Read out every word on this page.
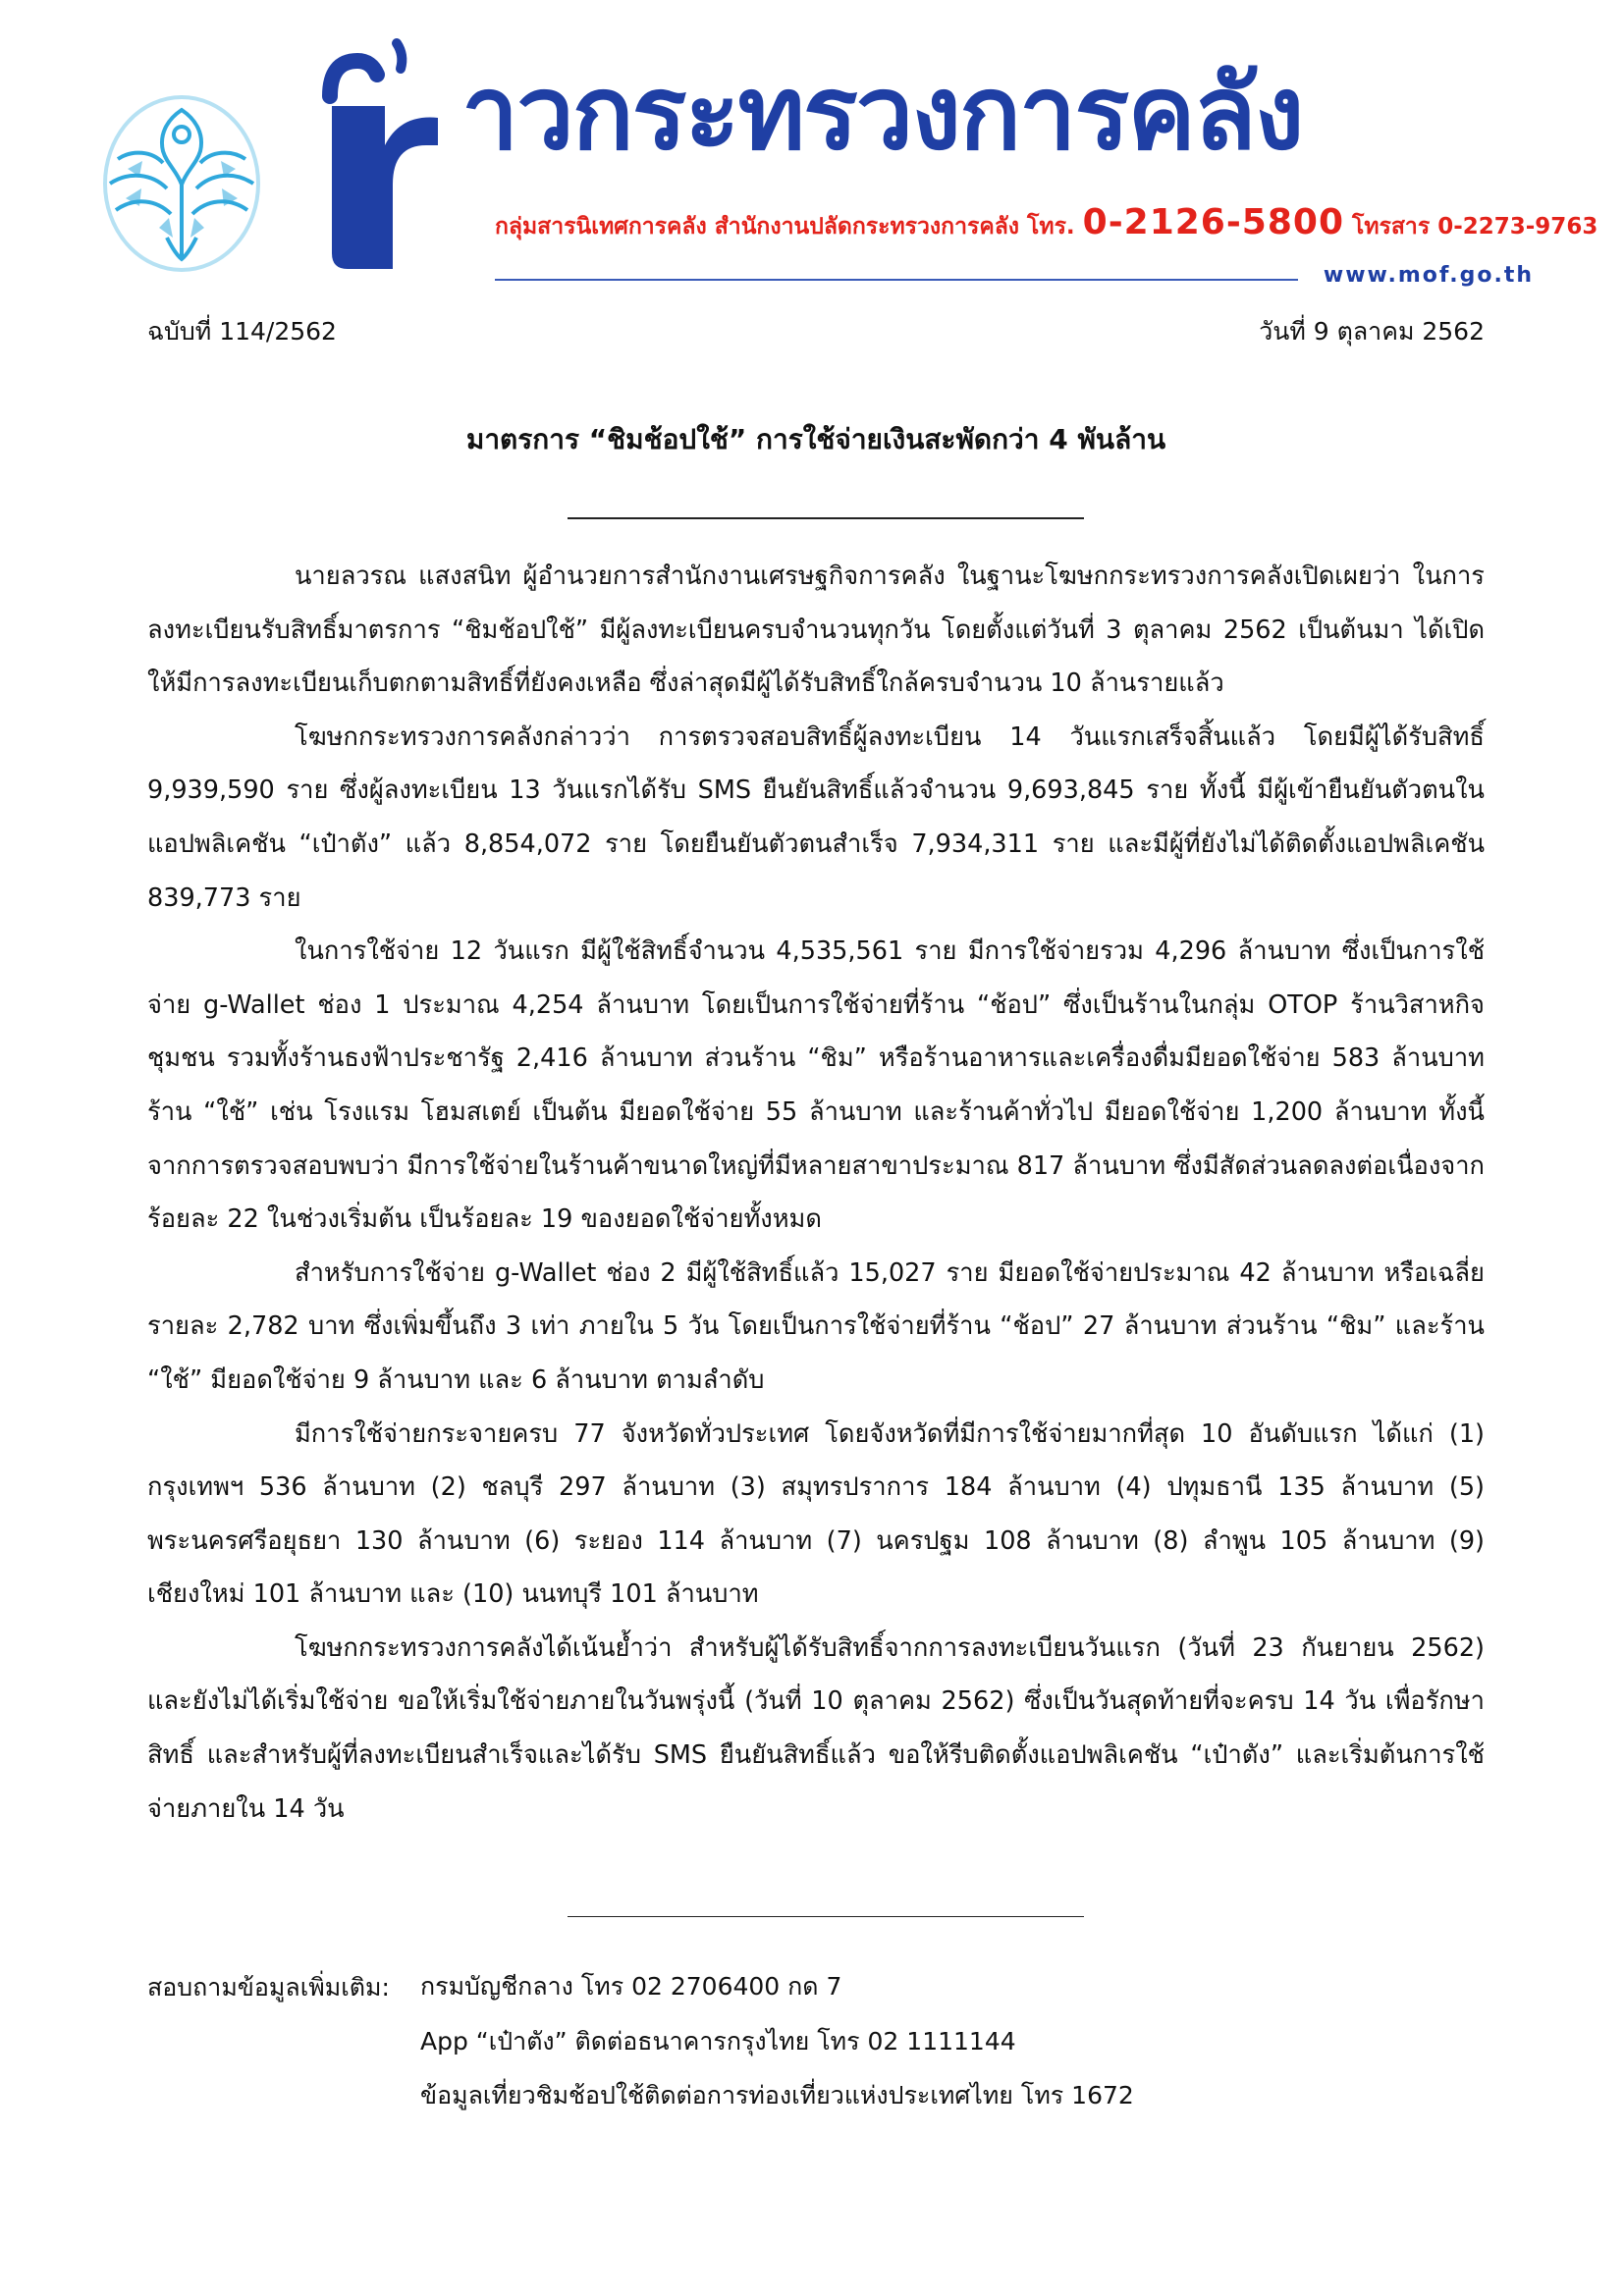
าวกระทรวงการคลัง
กลุ่มสารนิเทศการคลัง สำนักงานปลัดกระทรวงการคลัง โทร. 0-2126-5800 โทรสาร 0-2273-9763
www.mof.go.th
ฉบับที่ 114/2562	วันที่ 9 ตุลาคม 2562
มาตรการ “ชิมช้อปใช้” การใช้จ่ายเงินสะพัดกว่า 4 พันล้าน

นายลวรณ แสงสนิท ผู้อำนวยการสำนักงานเศรษฐกิจการคลัง ในฐานะโฆษกกระทรวงการคลังเปิดเผยว่า ในการลงทะเบียนรับสิทธิ์มาตรการ “ชิมช้อปใช้” มีผู้ลงทะเบียนครบจำนวนทุกวัน โดยตั้งแต่วันที่ 3 ตุลาคม 2562 เป็นต้นมา ได้เปิดให้มีการลงทะเบียนเก็บตกตามสิทธิ์ที่ยังคงเหลือ ซึ่งล่าสุดมีผู้ได้รับสิทธิ์ใกล้ครบจำนวน 10 ล้านรายแล้ว

โฆษกกระทรวงการคลังกล่าวว่า การตรวจสอบสิทธิ์ผู้ลงทะเบียน 14 วันแรกเสร็จสิ้นแล้ว โดยมีผู้ได้รับสิทธิ์ 9,939,590 ราย ซึ่งผู้ลงทะเบียน 13 วันแรกได้รับ SMS ยืนยันสิทธิ์แล้วจำนวน 9,693,845 ราย ทั้งนี้ มีผู้เข้ายืนยันตัวตนในแอปพลิเคชัน “เป๋าตัง” แล้ว 8,854,072 ราย โดยยืนยันตัวตนสำเร็จ 7,934,311 ราย และมีผู้ที่ยังไม่ได้ติดตั้งแอปพลิเคชัน 839,773 ราย

ในการใช้จ่าย 12 วันแรก มีผู้ใช้สิทธิ์จำนวน 4,535,561 ราย มีการใช้จ่ายรวม 4,296 ล้านบาท ซึ่งเป็นการใช้จ่าย g-Wallet ช่อง 1 ประมาณ 4,254 ล้านบาท โดยเป็นการใช้จ่ายที่ร้าน “ช้อป” ซึ่งเป็นร้านในกลุ่ม OTOP ร้านวิสาหกิจชุมชน รวมทั้งร้านธงฟ้าประชารัฐ 2,416 ล้านบาท ส่วนร้าน “ชิม” หรือร้านอาหารและเครื่องดื่มมียอดใช้จ่าย 583 ล้านบาท ร้าน “ใช้” เช่น โรงแรม โฮมสเตย์ เป็นต้น มียอดใช้จ่าย 55 ล้านบาท และร้านค้าทั่วไป มียอดใช้จ่าย 1,200 ล้านบาท ทั้งนี้ จากการตรวจสอบพบว่า มีการใช้จ่ายในร้านค้าขนาดใหญ่ที่มีหลายสาขาประมาณ 817 ล้านบาท ซึ่งมีสัดส่วนลดลงต่อเนื่องจากร้อยละ 22 ในช่วงเริ่มต้น เป็นร้อยละ 19 ของยอดใช้จ่ายทั้งหมด

สำหรับการใช้จ่าย g-Wallet ช่อง 2 มีผู้ใช้สิทธิ์แล้ว 15,027 ราย มียอดใช้จ่ายประมาณ 42 ล้านบาท หรือเฉลี่ยรายละ 2,782 บาท ซึ่งเพิ่มขึ้นถึง 3 เท่า ภายใน 5 วัน โดยเป็นการใช้จ่ายที่ร้าน “ช้อป” 27 ล้านบาท ส่วนร้าน “ชิม” และร้าน “ใช้” มียอดใช้จ่าย 9 ล้านบาท และ 6 ล้านบาท ตามลำดับ

มีการใช้จ่ายกระจายครบ 77 จังหวัดทั่วประเทศ โดยจังหวัดที่มีการใช้จ่ายมากที่สุด 10 อันดับแรก ได้แก่ (1) กรุงเทพฯ 536 ล้านบาท (2) ชลบุรี 297 ล้านบาท (3) สมุทรปราการ 184 ล้านบาท (4) ปทุมธานี 135 ล้านบาท (5) พระนครศรีอยุธยา 130 ล้านบาท (6) ระยอง 114 ล้านบาท (7) นครปฐม 108 ล้านบาท (8) ลำพูน 105 ล้านบาท (9) เชียงใหม่ 101 ล้านบาท และ (10) นนทบุรี 101 ล้านบาท

โฆษกกระทรวงการคลังได้เน้นย้ำว่า สำหรับผู้ได้รับสิทธิ์จากการลงทะเบียนวันแรก (วันที่ 23 กันยายน 2562) และยังไม่ได้เริ่มใช้จ่าย ขอให้เริ่มใช้จ่ายภายในวันพรุ่งนี้ (วันที่ 10 ตุลาคม 2562) ซึ่งเป็นวันสุดท้ายที่จะครบ 14 วัน เพื่อรักษาสิทธิ์ และสำหรับผู้ที่ลงทะเบียนสำเร็จและได้รับ SMS ยืนยันสิทธิ์แล้ว ขอให้รีบติดตั้งแอปพลิเคชัน “เป๋าตัง” และเริ่มต้นการใช้จ่ายภายใน 14 วัน

สอบถามข้อมูลเพิ่มเติม: กรมบัญชีกลาง โทร 02 2706400 กด 7
App “เป๋าตัง” ติดต่อธนาคารกรุงไทย โทร 02 1111144
ข้อมูลเที่ยวชิมช้อปใช้ติดต่อการท่องเที่ยวแห่งประเทศไทย โทร 1672
